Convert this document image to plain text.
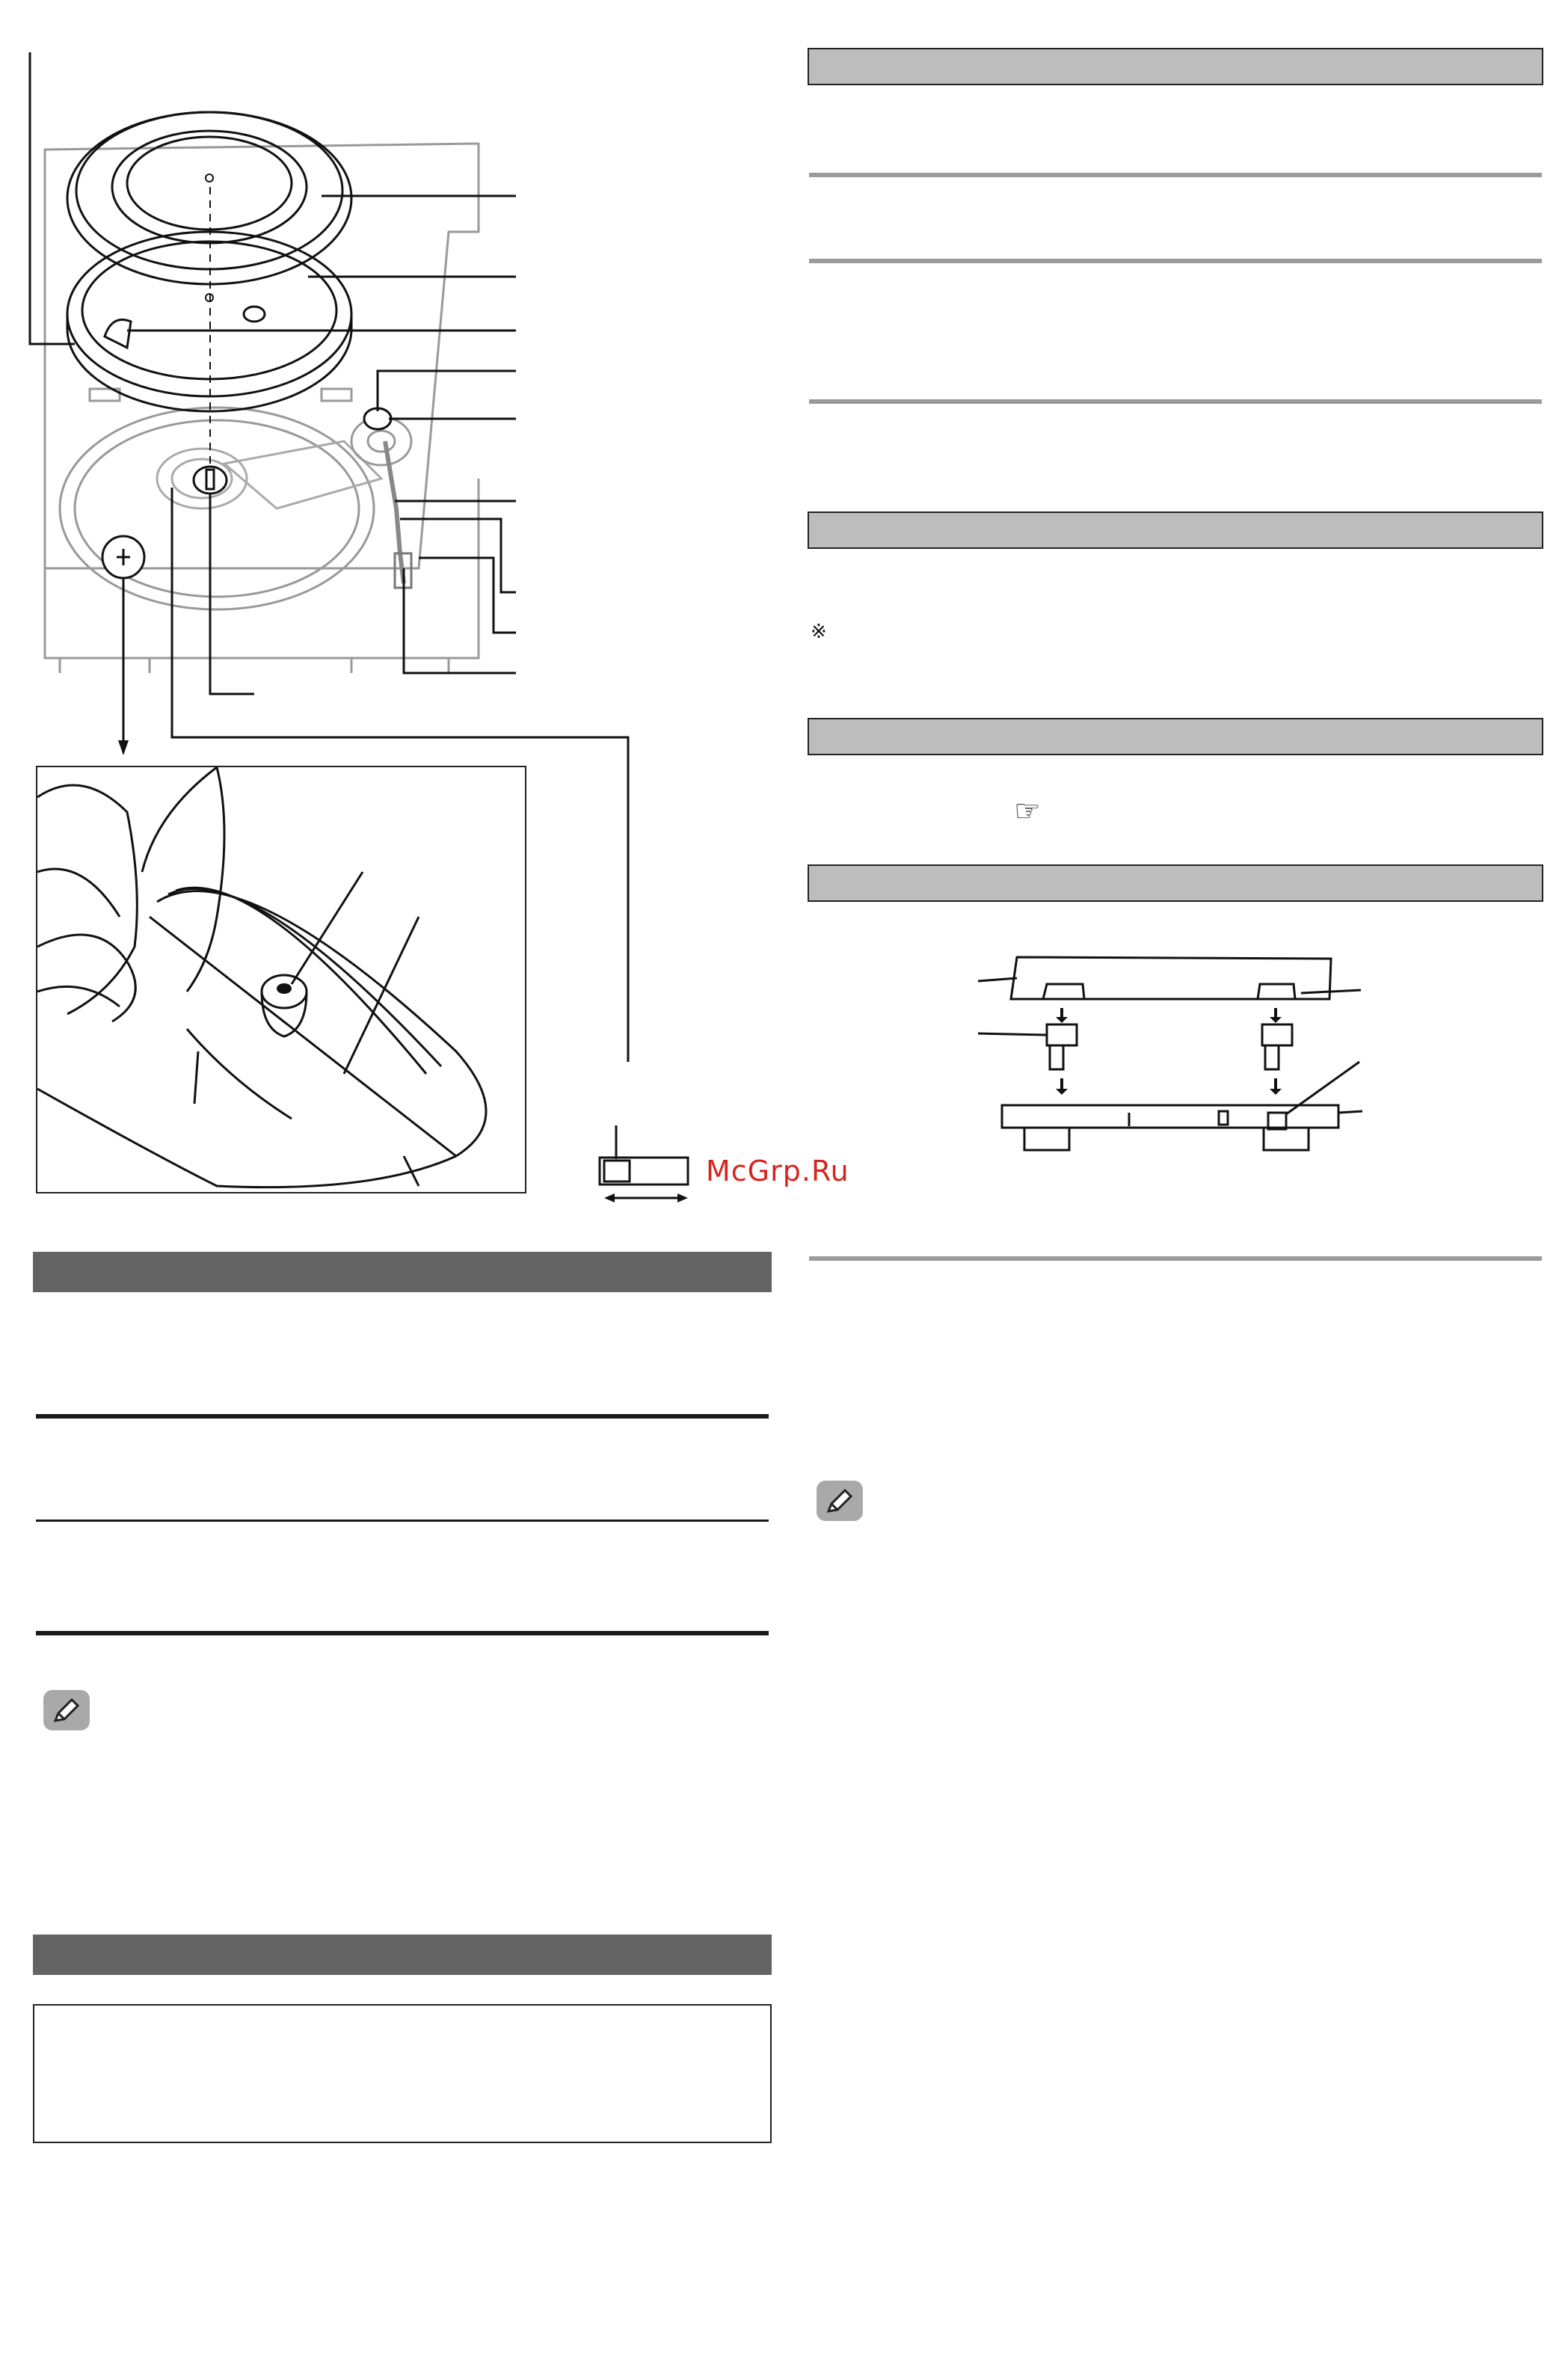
McGrp.Ru
※
☞
